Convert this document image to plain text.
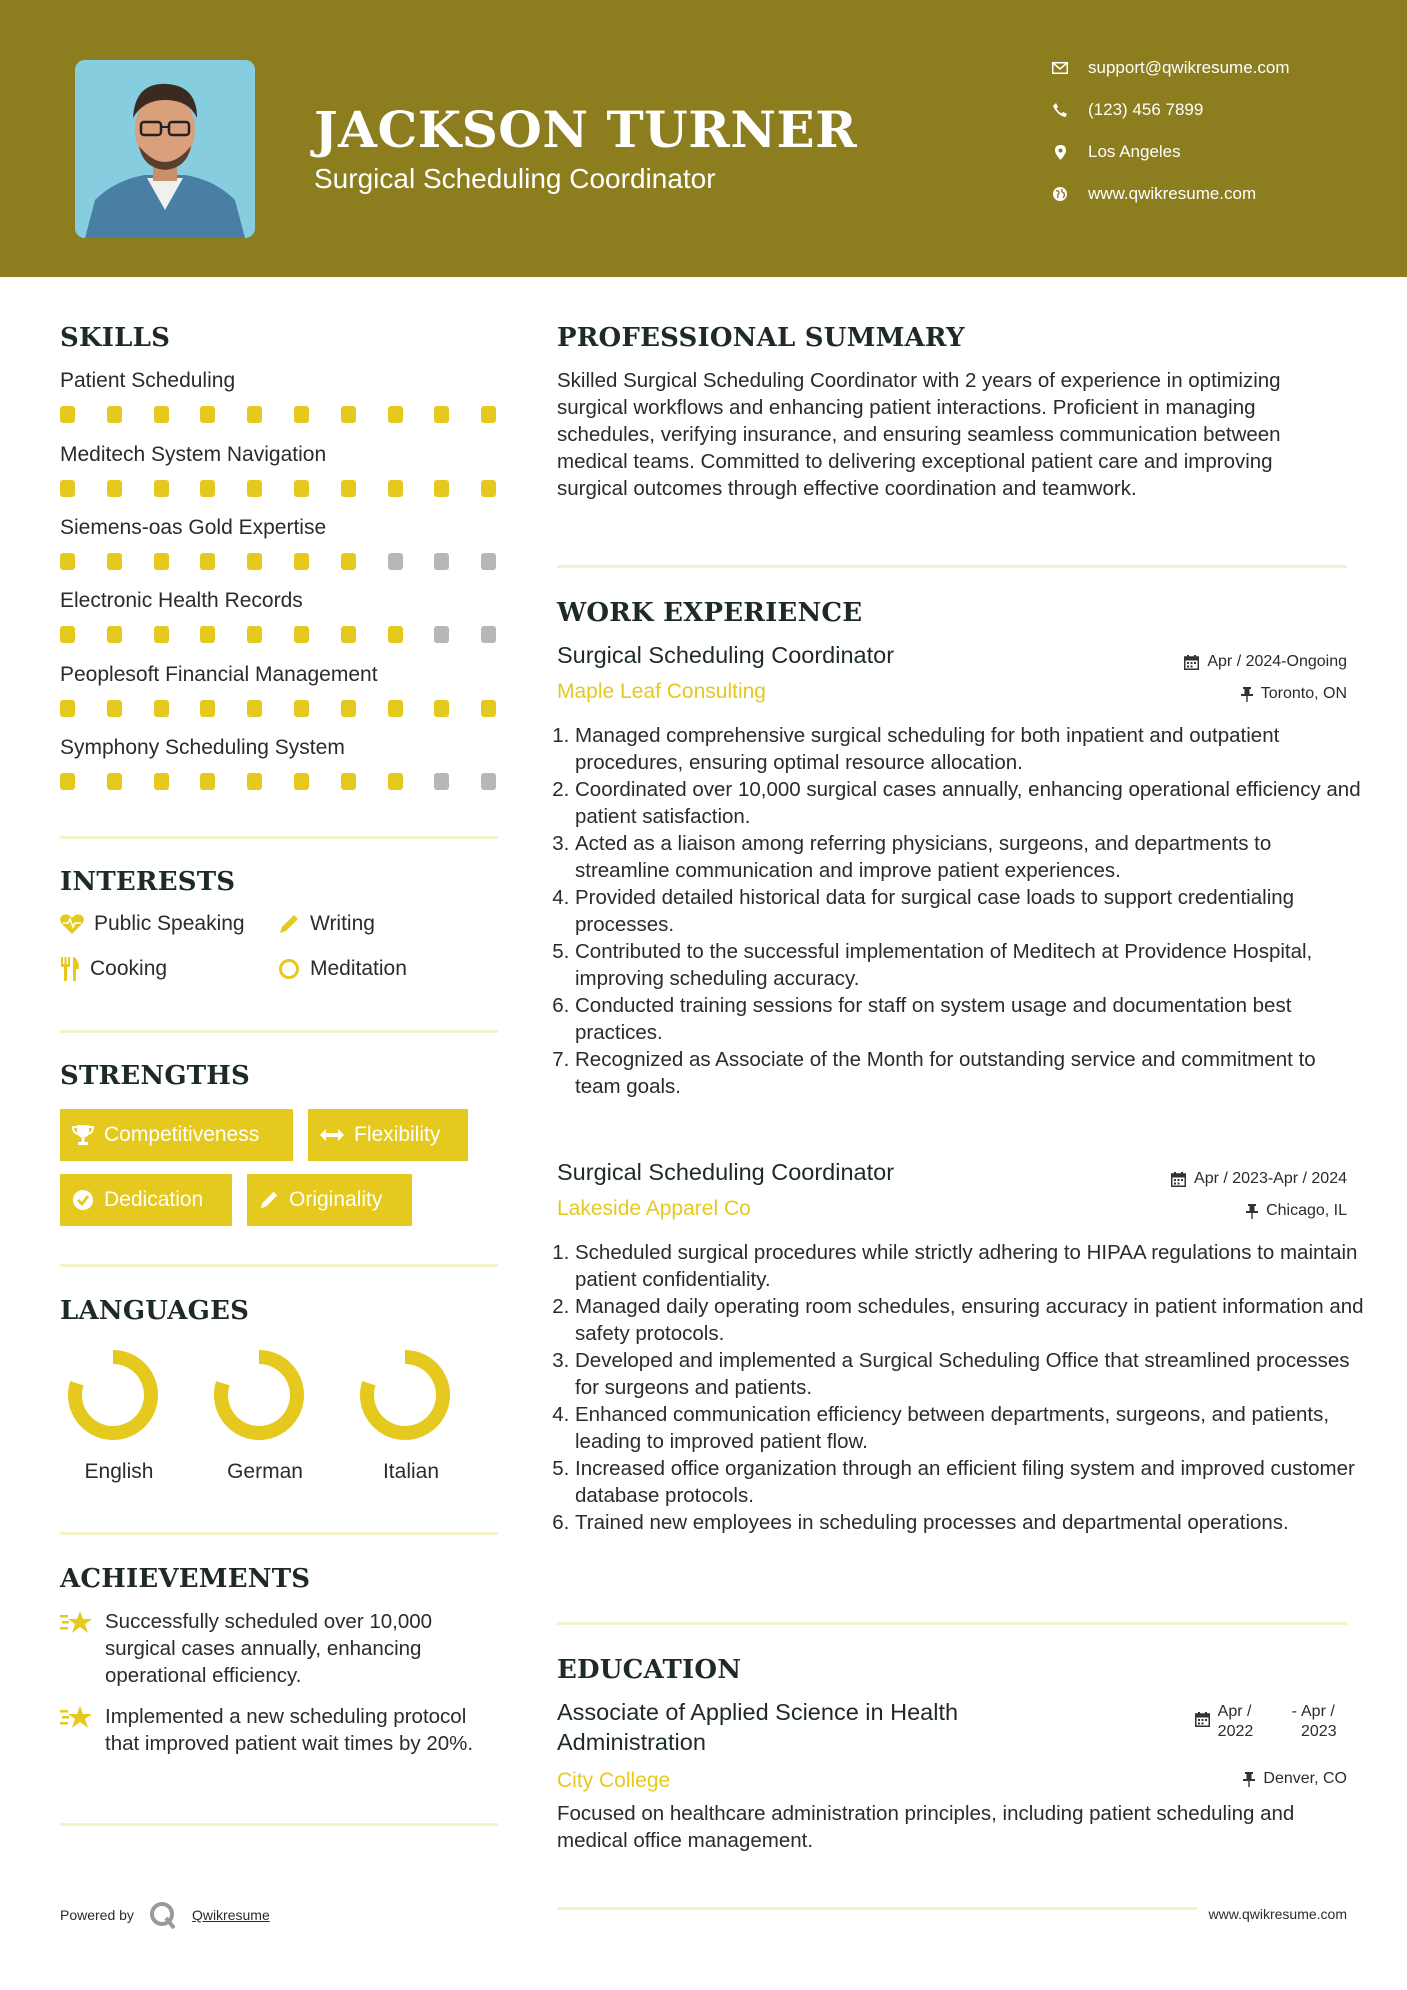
JACKSON TURNER
Surgical Scheduling Coordinator
support@qwikresume.com
(123) 456 7899
Los Angeles
www.qwikresume.com
SKILLS
Patient Scheduling
Meditech System Navigation
Siemens-oas Gold Expertise
Electronic Health Records
Peoplesoft Financial Management
Symphony Scheduling System
INTERESTS
Public Speaking	Writing
Cooking	Meditation
STRENGTHS
Competitiveness	Flexibility
Dedication	Originality
LANGUAGES
English	German	Italian
ACHIEVEMENTS
Successfully scheduled over 10,000 surgical cases annually, enhancing operational efficiency.
Implemented a new scheduling protocol that improved patient wait times by 20%.
PROFESSIONAL SUMMARY
Skilled Surgical Scheduling Coordinator with 2 years of experience in optimizing surgical workflows and enhancing patient interactions. Proficient in managing schedules, verifying insurance, and ensuring seamless communication between medical teams. Committed to delivering exceptional patient care and improving surgical outcomes through effective coordination and teamwork.
WORK EXPERIENCE
Surgical Scheduling Coordinator	Apr / 2024-Ongoing
Maple Leaf Consulting	Toronto, ON
1. Managed comprehensive surgical scheduling for both inpatient and outpatient procedures, ensuring optimal resource allocation.
2. Coordinated over 10,000 surgical cases annually, enhancing operational efficiency and patient satisfaction.
3. Acted as a liaison among referring physicians, surgeons, and departments to streamline communication and improve patient experiences.
4. Provided detailed historical data for surgical case loads to support credentialing processes.
5. Contributed to the successful implementation of Meditech at Providence Hospital, improving scheduling accuracy.
6. Conducted training sessions for staff on system usage and documentation best practices.
7. Recognized as Associate of the Month for outstanding service and commitment to team goals.
Surgical Scheduling Coordinator	Apr / 2023-Apr / 2024
Lakeside Apparel Co	Chicago, IL
1. Scheduled surgical procedures while strictly adhering to HIPAA regulations to maintain patient confidentiality.
2. Managed daily operating room schedules, ensuring accuracy in patient information and safety protocols.
3. Developed and implemented a Surgical Scheduling Office that streamlined processes for surgeons and patients.
4. Enhanced communication efficiency between departments, surgeons, and patients, leading to improved patient flow.
5. Increased office organization through an efficient filing system and improved customer database protocols.
6. Trained new employees in scheduling processes and departmental operations.
EDUCATION
Associate of Applied Science in Health Administration
Apr / 2022
- Apr / 2023
City College	Denver, CO
Focused on healthcare administration principles, including patient scheduling and medical office management.
Powered by	Qwikresume	www.qwikresume.com
